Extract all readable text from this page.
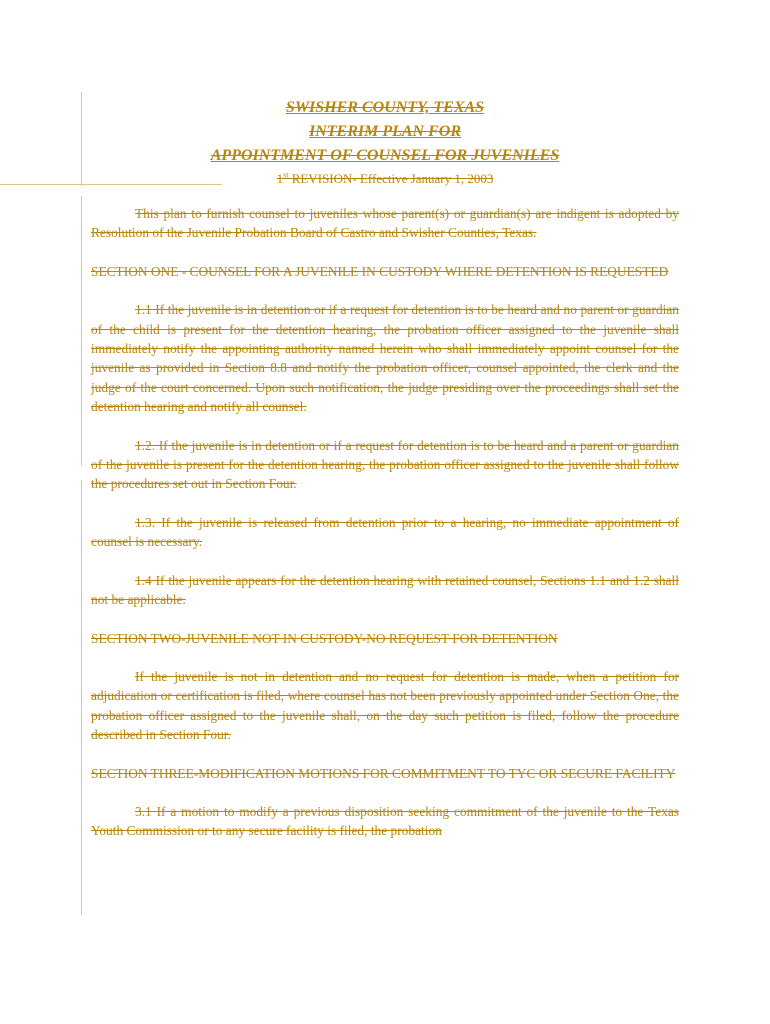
SWISHER COUNTY, TEXAS
INTERIM PLAN FOR
APPOINTMENT OF COUNSEL FOR JUVENILES
1st REVISION- Effective January 1, 2003

This plan to furnish counsel to juveniles whose parent(s) or guardian(s) are indigent is adopted by Resolution of the Juvenile Probation Board of Castro and Swisher Counties, Texas.

SECTION ONE - COUNSEL FOR A JUVENILE IN CUSTODY WHERE DETENTION IS REQUESTED

1.1 If the juvenile is in detention or if a request for detention is to be heard and no parent or guardian of the child is present for the detention hearing, the probation officer assigned to the juvenile shall immediately notify the appointing authority named herein who shall immediately appoint counsel for the juvenile as provided in Section 8.8 and notify the probation officer, counsel appointed, the clerk and the judge of the court concerned. Upon such notification, the judge presiding over the proceedings shall set the detention hearing and notify all counsel.

1.2. If the juvenile is in detention or if a request for detention is to be heard and a parent or guardian of the juvenile is present for the detention hearing, the probation officer assigned to the juvenile shall follow the procedures set out in Section Four.

1.3. If the juvenile is released from detention prior to a hearing, no immediate appointment of counsel is necessary.

1.4 If the juvenile appears for the detention hearing with retained counsel, Sections 1.1 and 1.2 shall not be applicable.

SECTION TWO-JUVENILE NOT IN CUSTODY-NO REQUEST FOR DETENTION

If the juvenile is not in detention and no request for detention is made, when a petition for adjudication or certification is filed, where counsel has not been previously appointed under Section One, the probation officer assigned to the juvenile shall, on the day such petition is filed, follow the procedure described in Section Four.

SECTION THREE-MODIFICATION MOTIONS FOR COMMITMENT TO TYC OR SECURE FACILITY

3.1 If a motion to modify a previous disposition seeking commitment of the juvenile to the Texas Youth Commission or to any secure facility is filed, the probation
